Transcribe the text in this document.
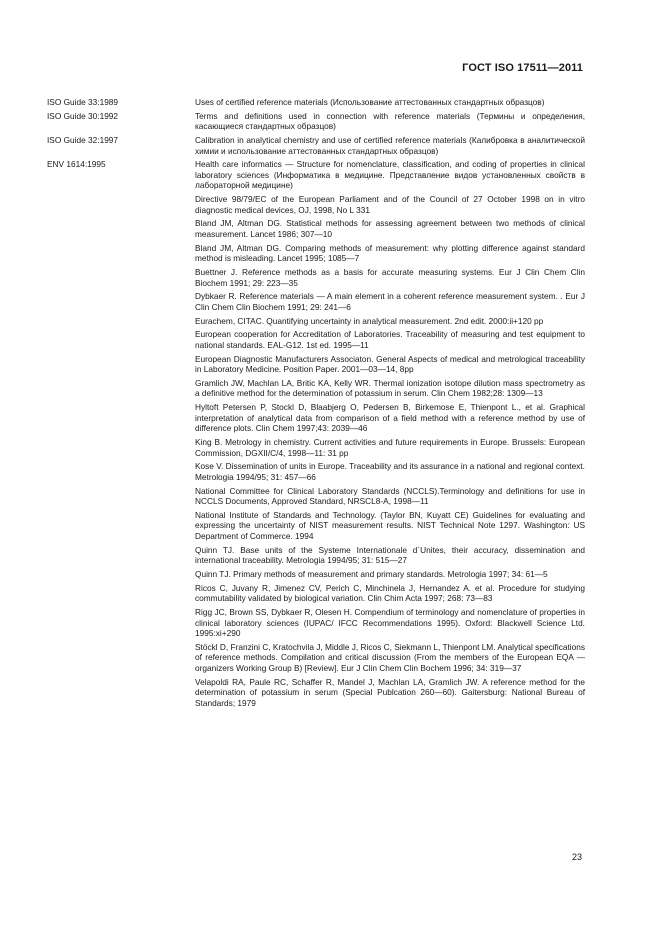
ГОСТ ISO 17511—2011
ISO Guide 33:1989	Uses of certified reference materials (Использование аттестованных стандартных образцов)
ISO Guide 30:1992	Terms and definitions used in connection with reference materials (Термины и определения, касающиеся стандартных образцов)
ISO Guide 32:1997	Calibration in analytical chemistry and use of certified reference materials (Калибровка в аналитической химии и использование аттестованных стандартных образцов)
ENV 1614:1995	Health care informatics — Structure for nomenclature, classification, and coding of properties in clinical laboratory sciences (Информатика в медицине. Представление видов установленных свойств в лабораторной медицине)
Directive 98/79/EC of the European Parliament and of the Council of 27 October 1998 on in vitro diagnostic medical devices, OJ, 1998, No L 331
Bland JM, Altman DG. Statistical methods for assessing agreement between two methods of clinical measurement. Lancet 1986; 307—10
Bland JM, Altman DG. Comparing methods of measurement: why plotting difference against standard method is misleading. Lancet 1995; 1085—7
Buettner J. Reference methods as a basis for accurate measuring systems. Eur J Clin Chem Clin Biochem 1991; 29: 223—35
Dybkaer R. Reference materials — A main element in a coherent reference measurement system. . Eur J Clin Chem Clin Biochem 1991; 29: 241—6
Eurachem, CITAC. Quantifying uncertainty in analytical measurement. 2nd edit. 2000:ii+120 pp
European cooperation for Accreditation of Laboratories. Traceability of measuring and test equipment to national standards. EAL-G12. 1st ed. 1995—11
European Diagnostic Manufacturers Associaton. General Aspects of medical and metrological traceability in Laboratory Medicine. Position Paper. 2001—03—14, 8pp
Gramlich JW, Machlan LA, Britic KA, Kelly WR. Thermal ionization isotope dilution mass spectrometry as a definitive method for the determination of potassium in serum. Clin Chem 1982;28: 1309—13
Hyltoft Petersen P, Stockl D, Blaabjerg O, Pedersen B, Birkemose E, Thienpont L., et al. Graphical interpretation of analytical data from comparison of a field method with a reference method by use of difference plots. Clin Chem 1997;43: 2039—46
King B. Metrology in chemistry. Current activities and future requirements in Europe. Brussels: European Commission, DGXII/C/4, 1998—11: 31 pp
Kose V. Dissemination of units in Europe. Traceability and its assurance in a national and regional context. Metrologia 1994/95; 31: 457—66
National Committee for Clinical Laboratory Standards (NCCLS).Terminology and definitions for use in NCCLS Documents, Approved Standard, NRSCL8-A, 1998—11
National Institute of Standards and Technology. (Taylor BN, Kuyatt CE) Guidelines for evaluating and expressing the uncertainty of NIST measurement results. NIST Technical Note 1297. Washington: US Department of Commerce. 1994
Quinn TJ. Base units of the Systeme Internationale d`Unites, their accuracy, dissemination and international traceability. Metrologia 1994/95; 31: 515—27
Quinn TJ. Primary methods of measurement and primary standards. Metrologia 1997; 34: 61—5
Ricos C, Juvany R, Jimenez CV, Perich C, Minchinela J, Hernandez A. et al. Procedure for studying commutability validated by biological variation. Clin Chim Acta 1997; 268: 73—83
Rigg JC, Brown SS, Dybkaer R, Olesen H. Compendium of terminology and nomenclature of properties in clinical laboratory sciences (IUPAC/ IFCC Recommendations 1995). Oxford: Blackwell Science Ltd. 1995:xi+290
Stöckl D, Franzini C, Kratochvila J, Middle J, Ricos C, Siekmann L, Thienpont LM. Analytical specifications of reference methods. Compilation and critical discussion (From the members of the European EQA — organizers Working Group B) [Review]. Eur J Clin Chem Clin Bochem 1996; 34: 319—37
Velapoldi RA, Paule RC, Schaffer R, Mandel J, Machlan LA, Gramlich JW. A reference method for the determination of potassium in serum (Special Publcation 260—60). Gaitersburg: National Bureau of Standards; 1979
23
